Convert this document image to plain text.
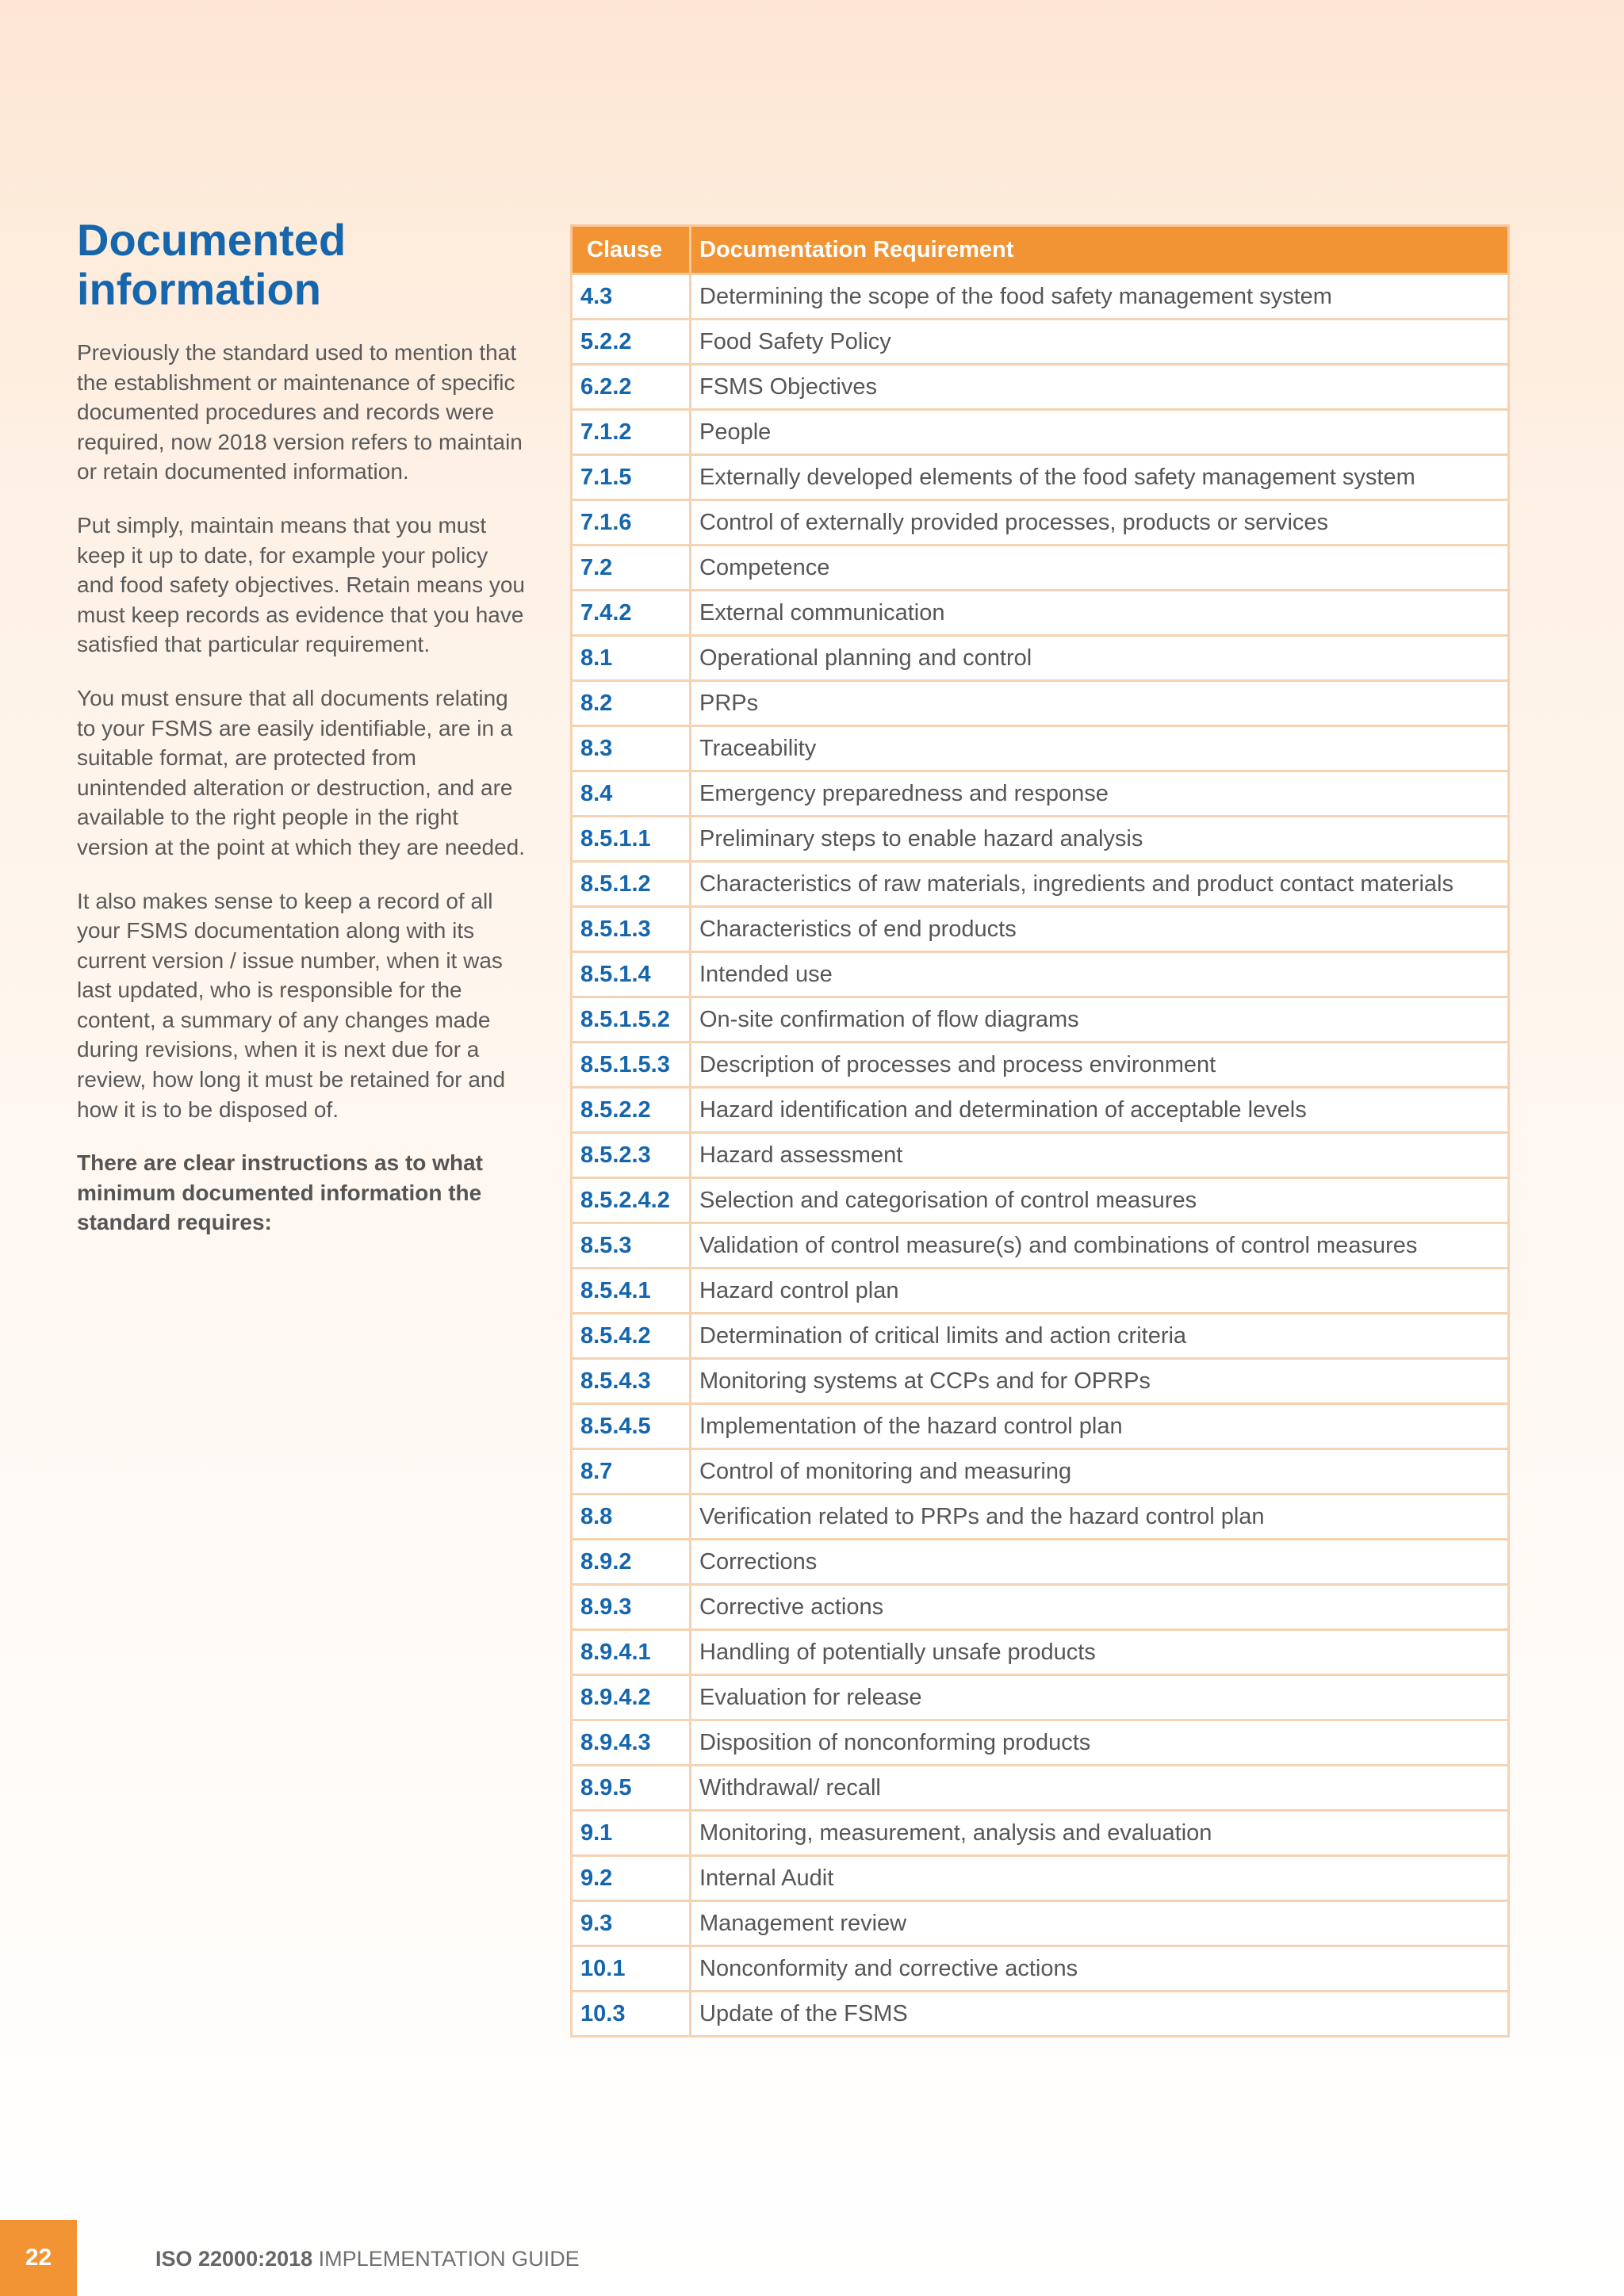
Documented information

Previously the standard used to mention that the establishment or maintenance of specific documented procedures and records were required, now 2018 version refers to maintain or retain documented information.

Put simply, maintain means that you must keep it up to date, for example your policy and food safety objectives. Retain means you must keep records as evidence that you have satisfied that particular requirement.

You must ensure that all documents relating to your FSMS are easily identifiable, are in a suitable format, are protected from unintended alteration or destruction, and are available to the right people in the right version at the point at which they are needed.

It also makes sense to keep a record of all your FSMS documentation along with its current version / issue number, when it was last updated, who is responsible for the content, a summary of any changes made during revisions, when it is next due for a review, how long it must be retained for and how it is to be disposed of.

There are clear instructions as to what minimum documented information the standard requires:

Clause	Documentation Requirement
4.3	Determining the scope of the food safety management system
5.2.2	Food Safety Policy
6.2.2	FSMS Objectives
7.1.2	People
7.1.5	Externally developed elements of the food safety management system
7.1.6	Control of externally provided processes, products or services
7.2	Competence
7.4.2	External communication
8.1	Operational planning and control
8.2	PRPs
8.3	Traceability
8.4	Emergency preparedness and response
8.5.1.1	Preliminary steps to enable hazard analysis
8.5.1.2	Characteristics of raw materials, ingredients and product contact materials
8.5.1.3	Characteristics of end products
8.5.1.4	Intended use
8.5.1.5.2	On-site confirmation of flow diagrams
8.5.1.5.3	Description of processes and process environment
8.5.2.2	Hazard identification and determination of acceptable levels
8.5.2.3	Hazard assessment
8.5.2.4.2	Selection and categorisation of control measures
8.5.3	Validation of control measure(s) and combinations of control measures
8.5.4.1	Hazard control plan
8.5.4.2	Determination of critical limits and action criteria
8.5.4.3	Monitoring systems at CCPs and for OPRPs
8.5.4.5	Implementation of the hazard control plan
8.7	Control of monitoring and measuring
8.8	Verification related to PRPs and the hazard control plan
8.9.2	Corrections
8.9.3	Corrective actions
8.9.4.1	Handling of potentially unsafe products
8.9.4.2	Evaluation for release
8.9.4.3	Disposition of nonconforming products
8.9.5	Withdrawal/ recall
9.1	Monitoring, measurement, analysis and evaluation
9.2	Internal Audit
9.3	Management review
10.1	Nonconformity and corrective actions
10.3	Update of the FSMS
22	ISO 22000:2018 IMPLEMENTATION GUIDE
